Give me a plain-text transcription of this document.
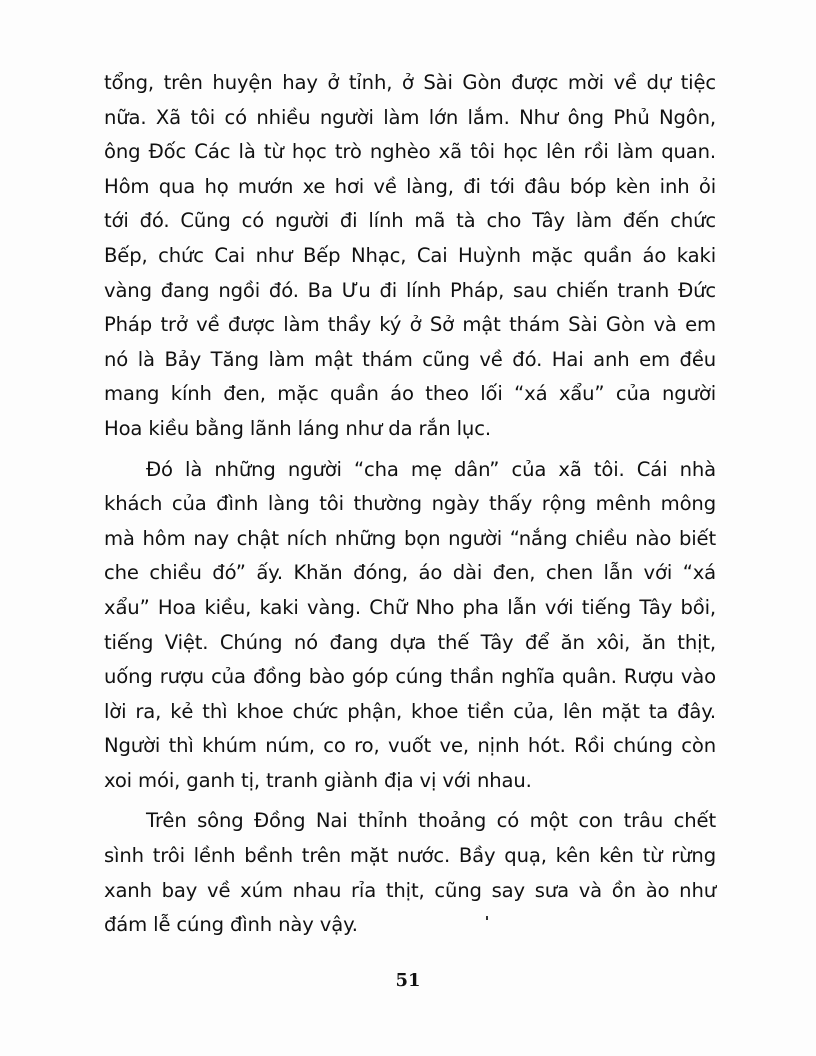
tổng, trên huyện hay ở tỉnh, ở Sài Gòn được mời về dự tiệc
nữa. Xã tôi có nhiều người làm lớn lắm. Như ông Phủ Ngôn,
ông Đốc Các là từ học trò nghèo xã tôi học lên rồi làm quan.
Hôm qua họ mướn xe hơi về làng, đi tới đâu bóp kèn inh ỏi
tới đó. Cũng có người đi lính mã tà cho Tây làm đến chức
Bếp, chức Cai như Bếp Nhạc, Cai Huỳnh mặc quần áo kaki
vàng đang ngồi đó. Ba Ưu đi lính Pháp, sau chiến tranh Đức
Pháp trở về được làm thầy ký ở Sở mật thám Sài Gòn và em
nó là Bảy Tăng làm mật thám cũng về đó. Hai anh em đều
mang kính đen, mặc quần áo theo lối “xá xẩu” của người
Hoa kiều bằng lãnh láng như da rắn lục.
Đó là những người “cha mẹ dân” của xã tôi. Cái nhà
khách của đình làng tôi thường ngày thấy rộng mênh mông
mà hôm nay chật ních những bọn người “nắng chiều nào biết
che chiều đó” ấy. Khăn đóng, áo dài đen, chen lẫn với “xá
xẩu” Hoa kiều, kaki vàng. Chữ Nho pha lẫn với tiếng Tây bồi,
tiếng Việt. Chúng nó đang dựa thế Tây để ăn xôi, ăn thịt,
uống rượu của đồng bào góp cúng thần nghĩa quân. Rượu vào
lời ra, kẻ thì khoe chức phận, khoe tiền của, lên mặt ta đây.
Người thì khúm núm, co ro, vuốt ve, nịnh hót. Rồi chúng còn
xoi mói, ganh tị, tranh giành địa vị với nhau.
Trên sông Đồng Nai thỉnh thoảng có một con trâu chết
sình trôi lềnh bềnh trên mặt nước. Bầy quạ, kên kên từ rừng
xanh bay về xúm nhau rỉa thịt, cũng say sưa và ồn ào như
đám lễ cúng đình này vậy.
51
